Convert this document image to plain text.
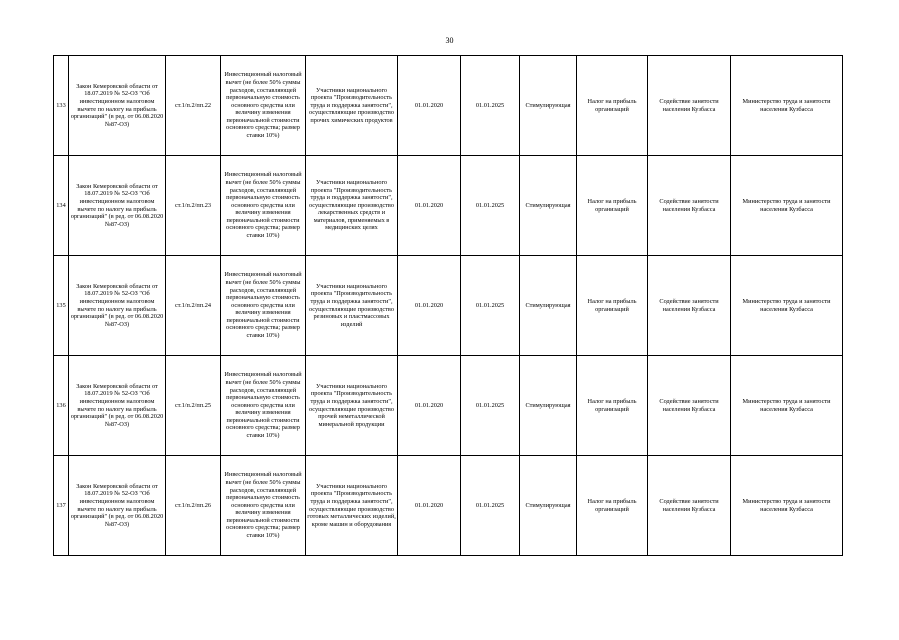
30
133	Закон Кемеровской области от 18.07.2019 № 52-ОЗ "Об инвестиционном налоговом вычете по налогу на прибыль организаций" (в ред. от 06.08.2020 №87-ОЗ)	ст.1/п.2/пп.22	Инвестиционный налоговый вычет (не более 50% суммы расходов, составляющей первоначальную стоимость основного средства или величину изменения первоначальной стоимости основного средства; размер ставки 10%)	Участники национального проекта "Производительность труда и поддержка занятости", осуществляющие производство прочих химических продуктов	01.01.2020	01.01.2025	Стимулирующая	Налог на прибыль организаций	Содействие занятости населения Кузбасса	Министерство труда и занятости населения Кузбасса
134	Закон Кемеровской области от 18.07.2019 № 52-ОЗ "Об инвестиционном налоговом вычете по налогу на прибыль организаций" (в ред. от 06.08.2020 №87-ОЗ)	ст.1/п.2/пп.23	Инвестиционный налоговый вычет (не более 50% суммы расходов, составляющей первоначальную стоимость основного средства или величину изменения первоначальной стоимости основного средства; размер ставки 10%)	Участники национального проекта "Производительность труда и поддержка занятости", осуществляющие производство лекарственных средств и материалов, применяемых в медицинских целях	01.01.2020	01.01.2025	Стимулирующая	Налог на прибыль организаций	Содействие занятости населения Кузбасса	Министерство труда и занятости населения Кузбасса
135	Закон Кемеровской области от 18.07.2019 № 52-ОЗ "Об инвестиционном налоговом вычете по налогу на прибыль организаций" (в ред. от 06.08.2020 №87-ОЗ)	ст.1/п.2/пп.24	Инвестиционный налоговый вычет (не более 50% суммы расходов, составляющей первоначальную стоимость основного средства или величину изменения первоначальной стоимости основного средства; размер ставки 10%)	Участники национального проекта "Производительность труда и поддержка занятости", осуществляющие производство резиновых и пластмассовых изделий	01.01.2020	01.01.2025	Стимулирующая	Налог на прибыль организаций	Содействие занятости населения Кузбасса	Министерство труда и занятости населения Кузбасса
136	Закон Кемеровской области от 18.07.2019 № 52-ОЗ "Об инвестиционном налоговом вычете по налогу на прибыль организаций" (в ред. от 06.08.2020 №87-ОЗ)	ст.1/п.2/пп.25	Инвестиционный налоговый вычет (не более 50% суммы расходов, составляющей первоначальную стоимость основного средства или величину изменения первоначальной стоимости основного средства; размер ставки 10%)	Участники национального проекта "Производительность труда и поддержка занятости", осуществляющие производство прочей неметаллической минеральной продукции	01.01.2020	01.01.2025	Стимулирующая	Налог на прибыль организаций	Содействие занятости населения Кузбасса	Министерство труда и занятости населения Кузбасса
137	Закон Кемеровской области от 18.07.2019 № 52-ОЗ "Об инвестиционном налоговом вычете по налогу на прибыль организаций" (в ред. от 06.08.2020 №87-ОЗ)	ст.1/п.2/пп.26	Инвестиционный налоговый вычет (не более 50% суммы расходов, составляющей первоначальную стоимость основного средства или величину изменения первоначальной стоимости основного средства; размер ставки 10%)	Участники национального проекта "Производительность труда и поддержка занятости", осуществляющие производство готовых металлических изделий, кроме машин и оборудования	01.01.2020	01.01.2025	Стимулирующая	Налог на прибыль организаций	Содействие занятости населения Кузбасса	Министерство труда и занятости населения Кузбасса
